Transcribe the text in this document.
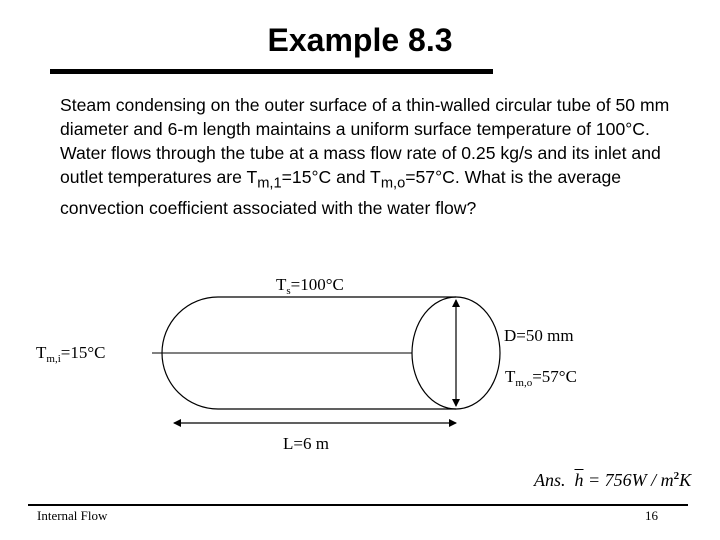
Example 8.3

Steam condensing on the outer surface of a thin-walled circular tube of 50 mm diameter and 6-m length maintains a uniform surface temperature of 100°C. Water flows through the tube at a mass flow rate of 0.25 kg/s and its inlet and outlet temperatures are $T_{m,1}=15^\circ C$ and $T_{m,o}=57^\circ C$. What is the average convection coefficient associated with the water flow?

$T_s=100^\circ C$
$T_{m,i}=15^\circ C$
D=50 mm
$T_{m,o}=57^\circ C$
L=6 m
Ans. $\overline{h} = 756W / m^2K$
Internal Flow	16
